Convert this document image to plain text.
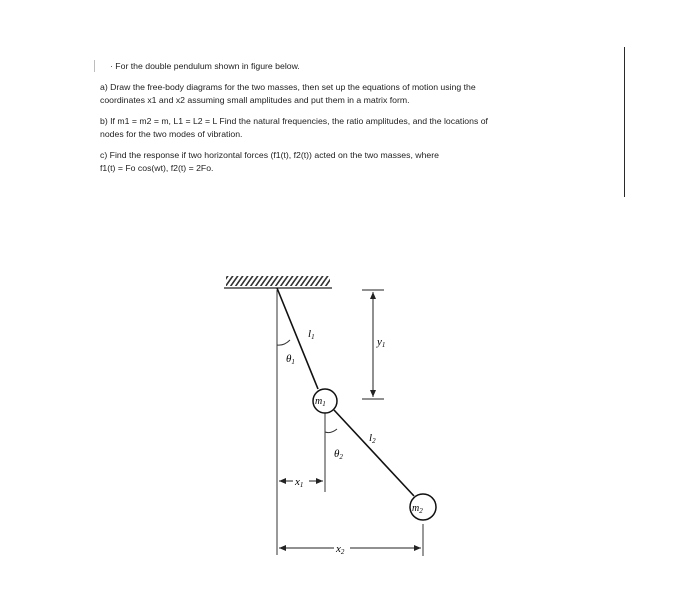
· For the double pendulum shown in figure below.
a) Draw the free-body diagrams for the two masses, then set up the equations of motion using the
coordinates x1 and x2 assuming small amplitudes and put them in a matrix form.
b) If m1 = m2 = m, L1 = L2 = L Find the natural frequencies, the ratio amplitudes, and the locations of
nodes for the two modes of vibration.
c) Find the response if two horizontal forces (f1(t), f2(t)) acted on the two masses, where
f1(t) = Fo cos(wt), f2(t) = 2Fo.
$m_1$
$m_2$
l1
l2
θ1
θ2
y1
x1
x2
